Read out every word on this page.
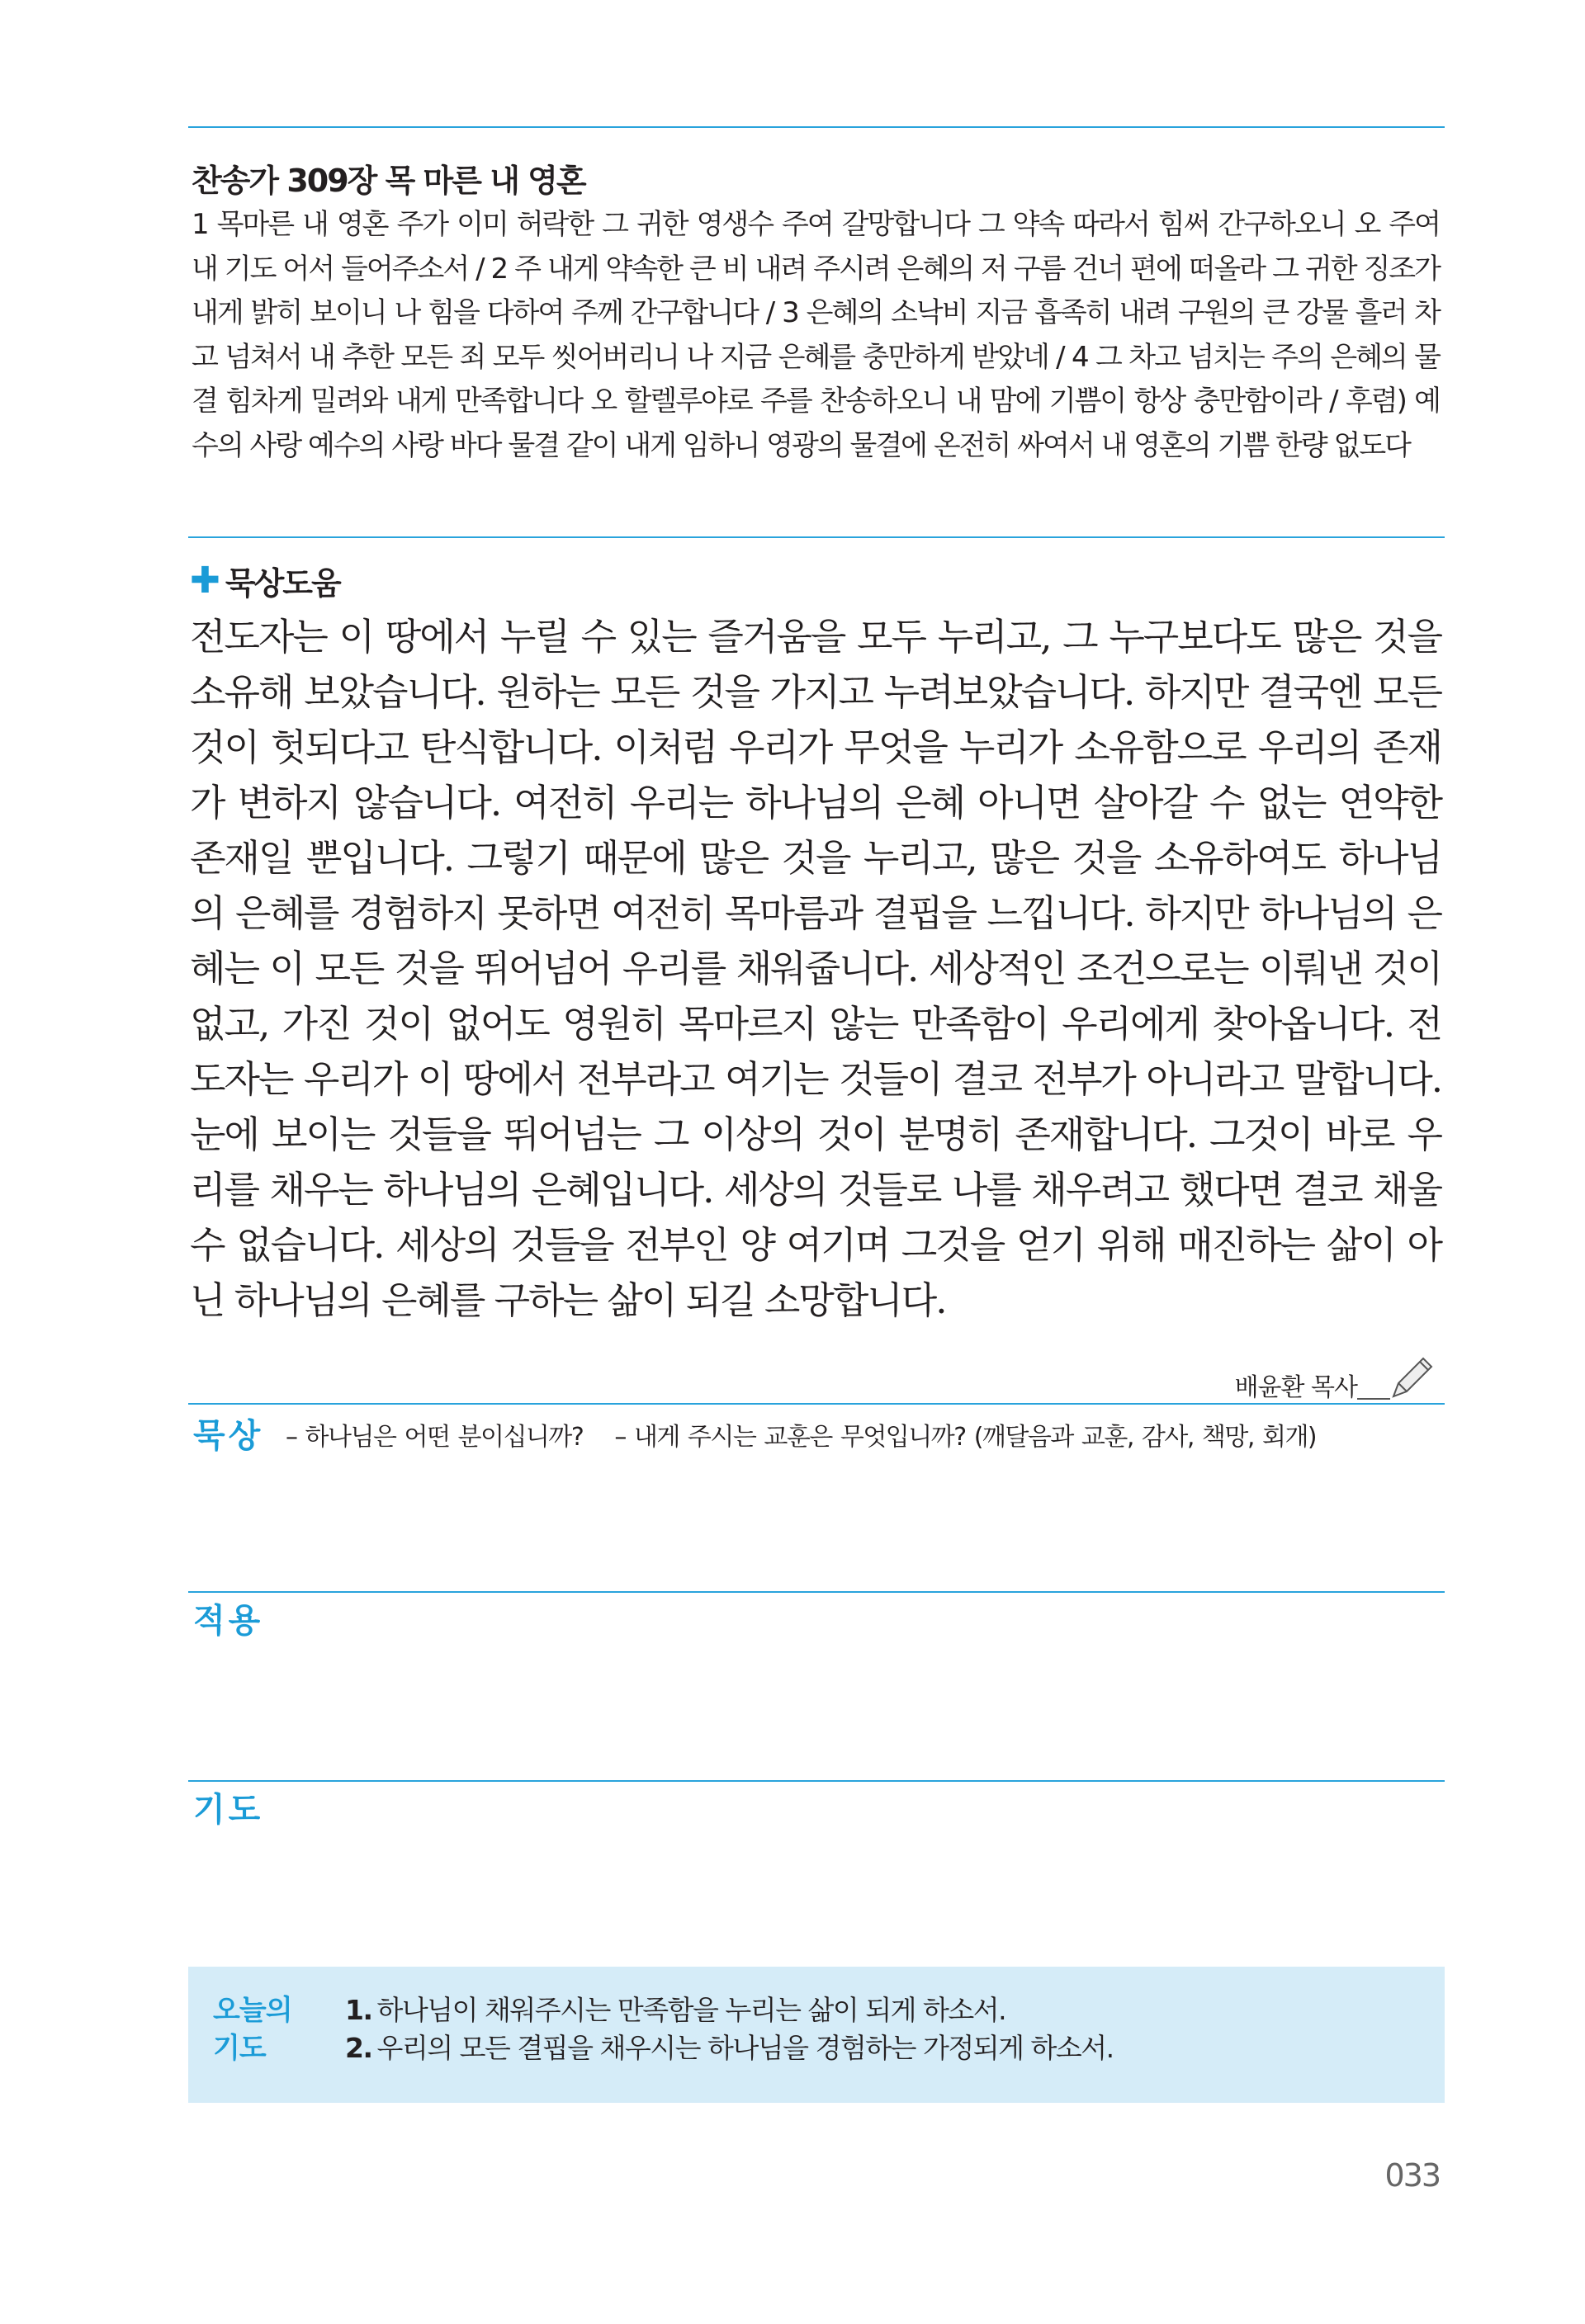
찬송가 309장 목 마른 내 영혼
1 목마른 내 영혼 주가 이미 허락한 그 귀한 영생수 주여 갈망합니다 그 약속 따라서 힘써 간구하오니 오 주여 내 기도 어서 들어주소서 / 2 주 내게 약속한 큰 비 내려 주시려 은혜의 저 구름 건너 편에 떠올라 그 귀한 징조가 내게 밝히 보이니 나 힘을 다하여 주께 간구합니다 / 3 은혜의 소낙비 지금 흡족히 내려 구원의 큰 강물 흘러 차고 넘쳐서 내 추한 모든 죄 모두 씻어버리니 나 지금 은혜를 충만하게 받았네 / 4 그 차고 넘치는 주의 은혜의 물결 힘차게 밀려와 내게 만족합니다 오 할렐루야로 주를 찬송하오니 내 맘에 기쁨이 항상 충만함이라 / 후렴) 예수의 사랑 예수의 사랑 바다 물결 같이 내게 임하니 영광의 물결에 온전히 싸여서 내 영혼의 기쁨 한량 없도다
✚ 묵상도움
전도자는 이 땅에서 누릴 수 있는 즐거움을 모두 누리고, 그 누구보다도 많은 것을 소유해 보았습니다. 원하는 모든 것을 가지고 누려보았습니다. 하지만 결국엔 모든 것이 헛되다고 탄식합니다. 이처럼 우리가 무엇을 누리가 소유함으로 우리의 존재가 변하지 않습니다. 여전히 우리는 하나님의 은혜 아니면 살아갈 수 없는 연약한 존재일 뿐입니다. 그렇기 때문에 많은 것을 누리고, 많은 것을 소유하여도 하나님의 은혜를 경험하지 못하면 여전히 목마름과 결핍을 느낍니다. 하지만 하나님의 은혜는 이 모든 것을 뛰어넘어 우리를 채워줍니다. 세상적인 조건으로는 이뤄낸 것이 없고, 가진 것이 없어도 영원히 목마르지 않는 만족함이 우리에게 찾아옵니다. 전도자는 우리가 이 땅에서 전부라고 여기는 것들이 결코 전부가 아니라고 말합니다. 눈에 보이는 것들을 뛰어넘는 그 이상의 것이 분명히 존재합니다. 그것이 바로 우리를 채우는 하나님의 은혜입니다. 세상의 것들로 나를 채우려고 했다면 결코 채울 수 없습니다. 세상의 것들을 전부인 양 여기며 그것을 얻기 위해 매진하는 삶이 아닌 하나님의 은혜를 구하는 삶이 되길 소망합니다.
배윤환 목사
묵상 – 하나님은 어떤 분이십니까? – 내게 주시는 교훈은 무엇입니까? (깨달음과 교훈, 감사, 책망, 회개)
적용
기도
오늘의
기도
1. 하나님이 채워주시는 만족함을 누리는 삶이 되게 하소서.
2. 우리의 모든 결핍을 채우시는 하나님을 경험하는 가정되게 하소서.
033
